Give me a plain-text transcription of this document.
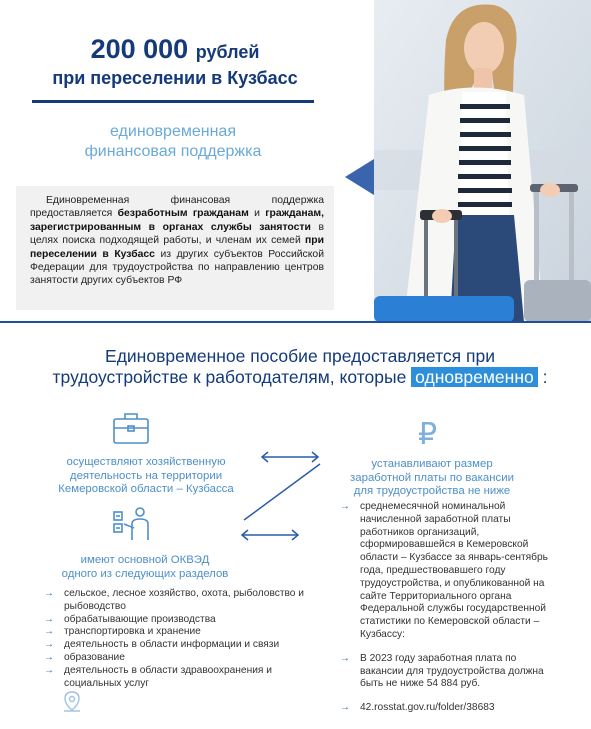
200 000 рублей
при переселении в Кузбасс
единовременная
финансовая поддержка
Единовременная финансовая поддержка предоставляется безработным гражданам и гражданам, зарегистрированным в органах службы занятости в целях поиска подходящей работы, и членам их семей при переселении в Кузбасс из других субъектов Российской Федерации для трудоустройства по направлению центров занятости других субъектов РФ
Единовременное пособие предоставляется при
трудоустройстве к работодателям, которые одновременно :
осуществляют хозяйственную
деятельность на территории
Кемеровской области – Кузбасса
имеют основной ОКВЭД
одного из следующих разделов
→ сельское, лесное хозяйство, охота, рыболовство и рыбоводство
→ обрабатывающие производства
→ транспортировка и хранение
→ деятельность в области информации и связи
→ образование
→ деятельность в области здравоохранения и социальных услуг
₽
устанавливают размер
заработной платы по вакансии
для трудоустройства не ниже
→ среднемесячной номинальной начисленной заработной платы работников организаций, сформировавшейся в Кемеровской области – Кузбассе за январь-сентябрь года, предшествовавшего году трудоустройства, и опубликованной на сайте Территориального органа Федеральной службы государственной статистики по Кемеровской области – Кузбассу:
→ В 2023 году заработная плата по вакансии для трудоустройства должна быть не ниже 54 884 руб.
→ 42.rosstat.gov.ru/folder/38683
